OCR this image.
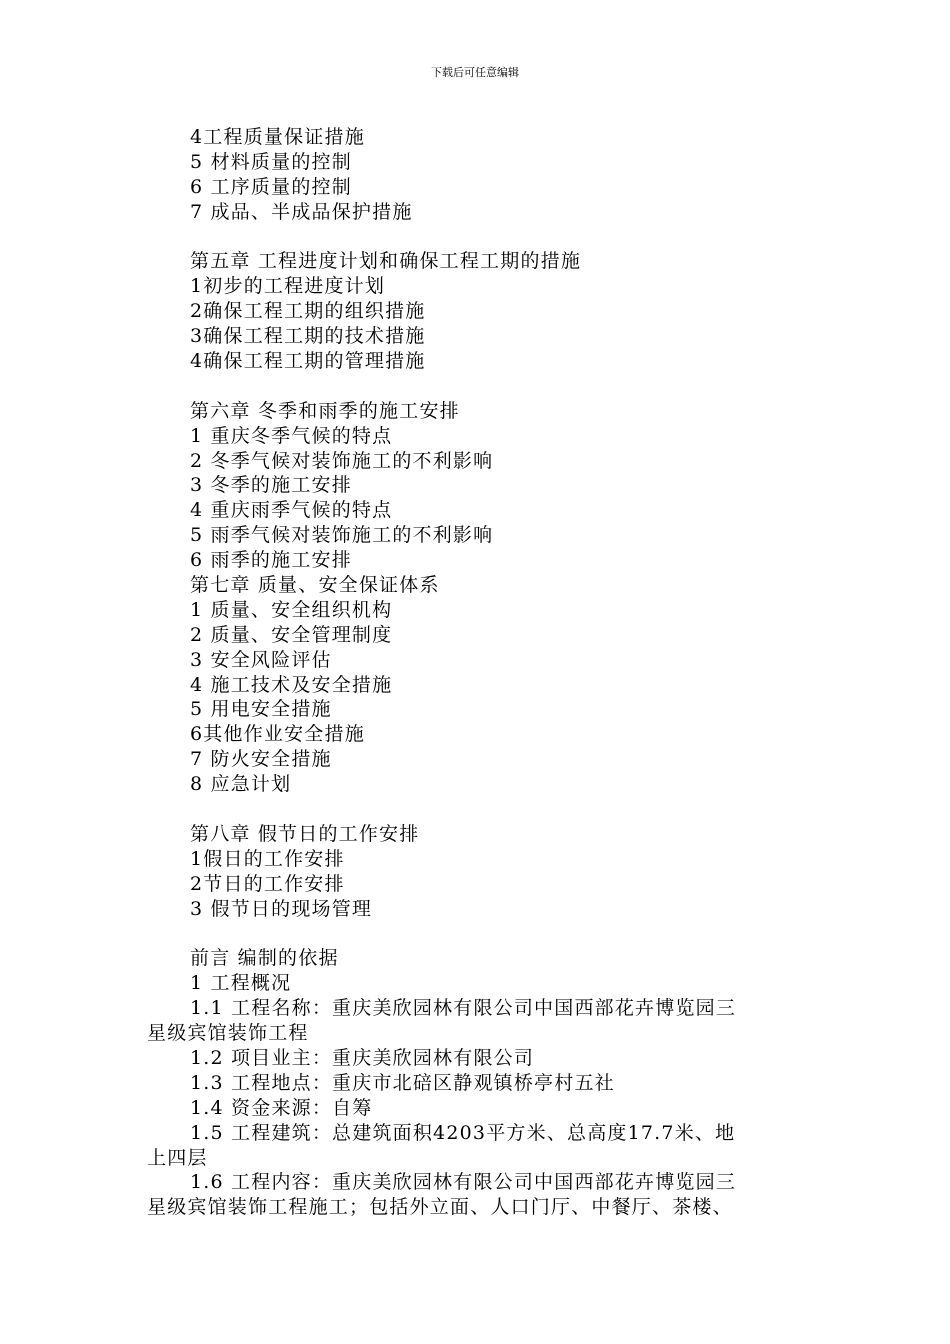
下载后可任意编辑
4工程质量保证措施
5 材料质量的控制
6 工序质量的控制
7 成品、半成品保护措施
第五章 工程进度计划和确保工程工期的措施
1初步的工程进度计划
2确保工程工期的组织措施
3确保工程工期的技术措施
4确保工程工期的管理措施
第六章 冬季和雨季的施工安排
1 重庆冬季气候的特点
2 冬季气候对装饰施工的不利影响
3 冬季的施工安排
4 重庆雨季气候的特点
5 雨季气候对装饰施工的不利影响
6 雨季的施工安排
第七章 质量、安全保证体系
1 质量、安全组织机构
2 质量、安全管理制度
3 安全风险评估
4 施工技术及安全措施
5 用电安全措施
6其他作业安全措施
7 防火安全措施
8 应急计划
第八章 假节日的工作安排
1假日的工作安排
2节日的工作安排
3 假节日的现场管理
前言 编制的依据
1 工程概况
1.1 工程名称：重庆美欣园林有限公司中国西部花卉博览园三
星级宾馆装饰工程
1.2 项目业主：重庆美欣园林有限公司
1.3 工程地点：重庆市北碚区静观镇桥亭村五社
1.4 资金来源：自筹
1.5 工程建筑：总建筑面积4203平方米、总高度17.7米、地
上四层
1.6 工程内容：重庆美欣园林有限公司中国西部花卉博览园三
星级宾馆装饰工程施工；包括外立面、人口门厅、中餐厅、茶楼、
